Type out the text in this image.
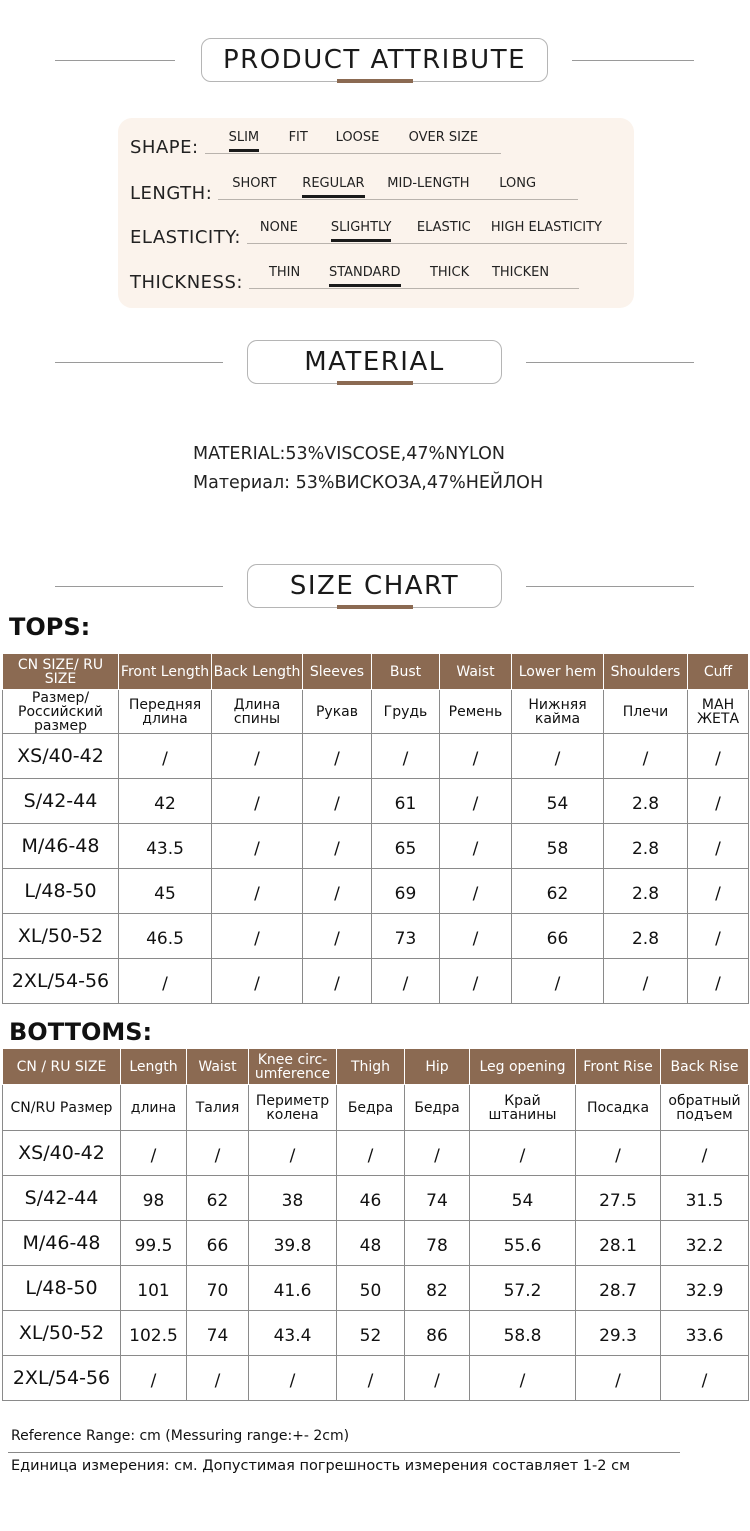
PRODUCT ATTRIBUTE
SHAPE: SLIM FIT LOOSE OVER SIZE
LENGTH: SHORT REGULAR MID-LENGTH LONG
ELASTICITY: NONE	SLIGHTLY ELASTIC HIGH ELASTICITY
THICKNESS: THIN STANDARD THICK THICKEN
MATERIAL
MATERIAL:53%VISCOSE,47%NYLON
Материал: 53%ВИСКОЗА,47%НЕЙЛОН
SIZE CHART
TOPS:
CN SIZE/ RU SIZE	Front Length	Back Length	Sleeves	Bust	Waist	Lower hem	Shoulders	Cuff
Размер/ Российский размер	Передняя длина	Длина спины	Рукав	Грудь	Ремень	Нижняя кайма	Плечи	МАН ЖЕТА
XS/40-42	/	/	/	/	/	/	/	/
S/42-44	42	/	/	61	/	54	2.8	/
M/46-48	43.5	/	/	65	/	58	2.8	/
L/48-50	45	/	/	69	/	62	2.8	/
XL/50-52	46.5	/	/	73	/	66	2.8	/
2XL/54-56	/	/	/	/	/	/	/	/
BOTTOMS:
CN / RU SIZE	Length	Waist	Knee circ- umference	Thigh	Hip	Leg opening	Front Rise	Back Rise
CN/RU Размер	длина	Талия	Периметр колена	Бедра	Бедра	Край штанины	Посадка	обратный подъем
XS/40-42	/	/	/	/	/	/	/	/
S/42-44	98	62	38	46	74	54	27.5	31.5
M/46-48	99.5	66	39.8	48	78	55.6	28.1	32.2
L/48-50	101	70	41.6	50	82	57.2	28.7	32.9
XL/50-52	102.5	74	43.4	52	86	58.8	29.3	33.6
2XL/54-56	/	/	/	/	/	/	/	/
Reference Range: cm (Messuring range:+- 2cm)
Единица измерения: см. Допустимая погрешность измерения составляет 1-2 см
